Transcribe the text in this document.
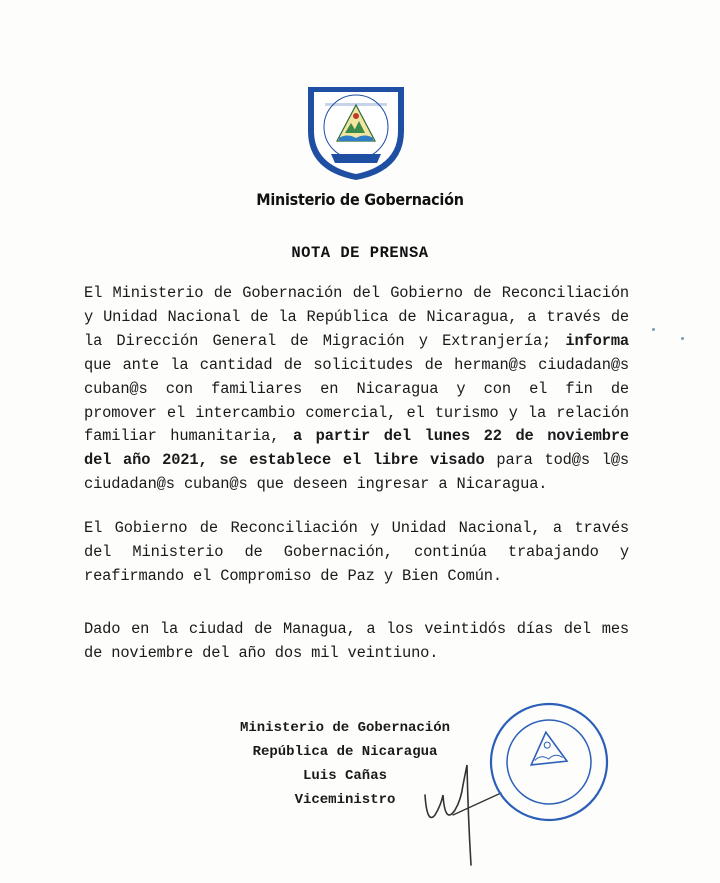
Ministerio de Gobernación
NOTA DE PRENSA
El Ministerio de Gobernación del Gobierno de Reconciliación y Unidad Nacional de la República de Nicaragua, a través de la Dirección General de Migración y Extranjería; informa que ante la cantidad de solicitudes de herman@s ciudadan@s cuban@s con familiares en Nicaragua y con el fin de promover el intercambio comercial, el turismo y la relación familiar humanitaria, a partir del lunes 22 de noviembre del año 2021, se establece el libre visado para tod@s l@s ciudadan@s cuban@s que deseen ingresar a Nicaragua.
El Gobierno de Reconciliación y Unidad Nacional, a través del Ministerio de Gobernación, continúa trabajando y reafirmando el Compromiso de Paz y Bien Común.
Dado en la ciudad de Managua, a los veintidós días del mes de noviembre del año dos mil veintiuno.
Ministerio de Gobernación
República de Nicaragua
Luis Cañas
Viceministro
